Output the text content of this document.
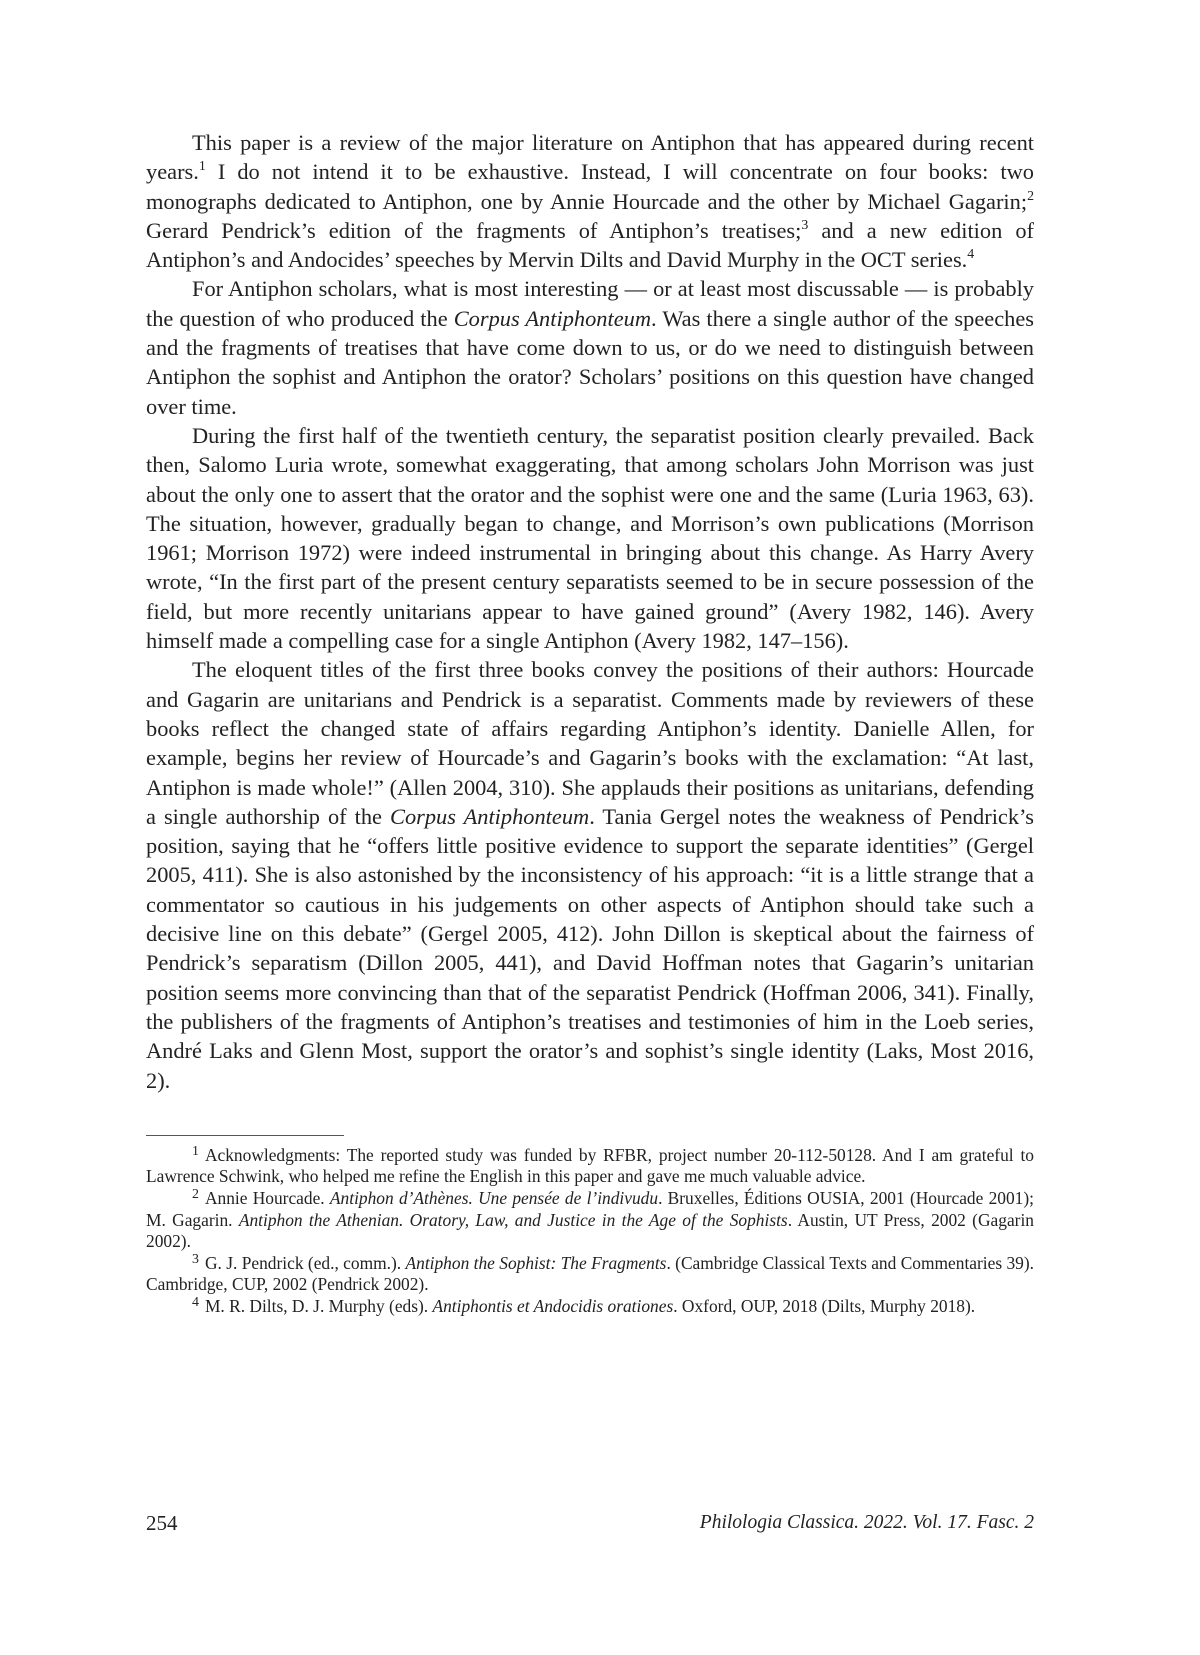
This paper is a review of the major literature on Antiphon that has appeared during recent years.$^1$ I do not intend it to be exhaustive. Instead, I will concentrate on four books: two monographs dedicated to Antiphon, one by Annie Hourcade and the other by Michael Gagarin;$^2$ Gerard Pendrick’s edition of the fragments of Antiphon’s treatises;$^3$ and a new edition of Antiphon’s and Andocides’ speeches by Mervin Dilts and David Murphy in the OCT series.$^4$

For Antiphon scholars, what is most interesting — or at least most discussable — is probably the question of who produced the Corpus Antiphonteum. Was there a single author of the speeches and the fragments of treatises that have come down to us, or do we need to distinguish between Antiphon the sophist and Antiphon the orator? Scholars’ positions on this question have changed over time.

During the first half of the twentieth century, the separatist position clearly prevailed. Back then, Salomo Luria wrote, somewhat exaggerating, that among scholars John Morrison was just about the only one to assert that the orator and the sophist were one and the same (Luria 1963, 63). The situation, however, gradually began to change, and Morrison’s own publications (Morrison 1961; Morrison 1972) were indeed instrumental in bringing about this change. As Harry Avery wrote, “In the first part of the present century separatists seemed to be in secure possession of the field, but more recently unitarians appear to have gained ground” (Avery 1982, 146). Avery himself made a compelling case for a single Antiphon (Avery 1982, 147–156).

The eloquent titles of the first three books convey the positions of their authors: Hourcade and Gagarin are unitarians and Pendrick is a separatist. Comments made by reviewers of these books reflect the changed state of affairs regarding Antiphon’s identity. Danielle Allen, for example, begins her review of Hourcade’s and Gagarin’s books with the exclamation: “At last, Antiphon is made whole!” (Allen 2004, 310). She applauds their positions as unitarians, defending a single authorship of the Corpus Antiphonteum. Tania Gergel notes the weakness of Pendrick’s position, saying that he “offers little positive evidence to support the separate identities” (Gergel 2005, 411). She is also astonished by the inconsistency of his approach: “it is a little strange that a commentator so cautious in his judgements on other aspects of Antiphon should take such a decisive line on this debate” (Gergel 2005, 412). John Dillon is skeptical about the fairness of Pendrick’s separatism (Dillon 2005, 441), and David Hoffman notes that Gagarin’s unitarian position seems more convincing than that of the separatist Pendrick (Hoffman 2006, 341). Finally, the publishers of the fragments of Antiphon’s treatises and testimonies of him in the Loeb series, André Laks and Glenn Most, support the orator’s and sophist’s single identity (Laks, Most 2016, 2).

$^1$ Acknowledgments: The reported study was funded by RFBR, project number 20-112-50128. And I am grateful to Lawrence Schwink, who helped me refine the English in this paper and gave me much valuable advice.

$^2$ Annie Hourcade. Antiphon d’Athènes. Une pensée de l’indivudu. Bruxelles, Éditions OUSIA, 2001 (Hourcade 2001); M. Gagarin. Antiphon the Athenian. Oratory, Law, and Justice in the Age of the Sophists. Austin, UT Press, 2002 (Gagarin 2002).

$^3$ G. J. Pendrick (ed., comm.). Antiphon the Sophist: The Fragments. (Cambridge Classical Texts and Commentaries 39). Cambridge, CUP, 2002 (Pendrick 2002).

$^4$ M. R. Dilts, D. J. Murphy (eds). Antiphontis et Andocidis orationes. Oxford, OUP, 2018 (Dilts, Murphy 2018).

254	Philologia Classica. 2022. Vol. 17. Fasc. 2
